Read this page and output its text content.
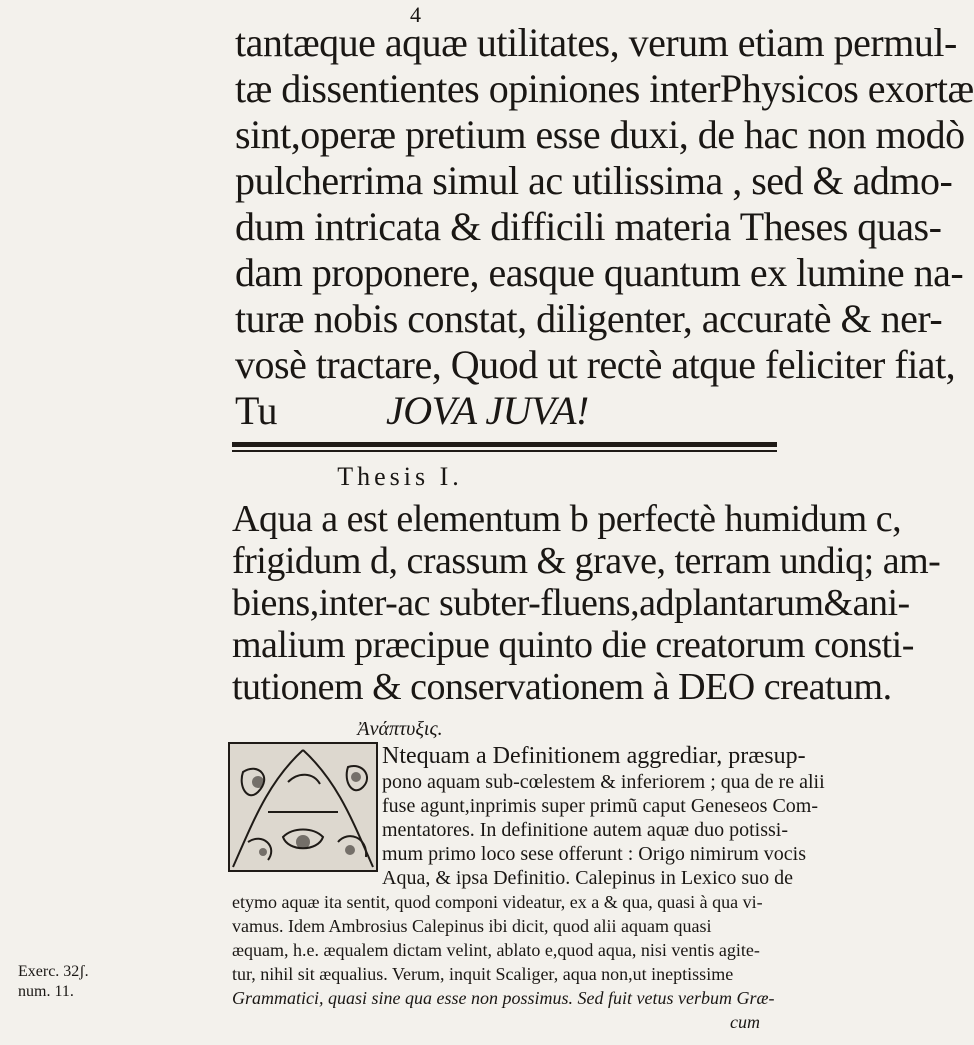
4
tantæque aquæ utilitates, verum etiam permul-
tæ dissentientes opiniones interPhysicos exortæ
sint,operæ pretium esse duxi, de hac non modò
pulcherrima simul ac utilissima , sed & admo-
dum intricata & difficili materia Theses quas-
dam proponere, easque quantum ex lumine na-
turæ nobis constat, diligenter, accuratè & ner-
vosè tractare, Quod ut rectè atque feliciter fiat,
Tu	JOVA JUVA!
Thesis I.
Aqua a est elementum b perfectè humidum c,
frigidum d, crassum & grave, terram undiq; am-
biens,inter-ac subter-fluens,adplantarum&ani-
malium præcipue quinto die creatorum consti-
tutionem & conservationem à DEO creatum.
Ἀνάπτυξις.
Ntequam a Definitionem aggrediar, præsup-
pono aquam sub-cœlestem & inferiorem ; qua de re alii
fuse agunt,inprimis super primũ caput Geneseos Com-
mentatores. In definitione autem aquæ duo potissi-
mum primo loco sese offerunt : Origo nimirum vocis
Aqua, & ipsa Definitio. Calepinus in Lexico suo de
etymo aquæ ita sentit, quod componi videatur, ex a & qua, quasi à qua vi-
vamus. Idem Ambrosius Calepinus ibi dicit, quod alii aquam quasi
æquam, h.e. æqualem dictam velint, ablato e,quod aqua, nisi ventis agite-
tur, nihil sit æqualius. Verum, inquit Scaliger, aqua non,ut ineptissime
Grammatici, quasi sine qua esse non possimus. Sed fuit vetus verbum Græ-
cum
Exerc. 32ʃ.
num. 11.
